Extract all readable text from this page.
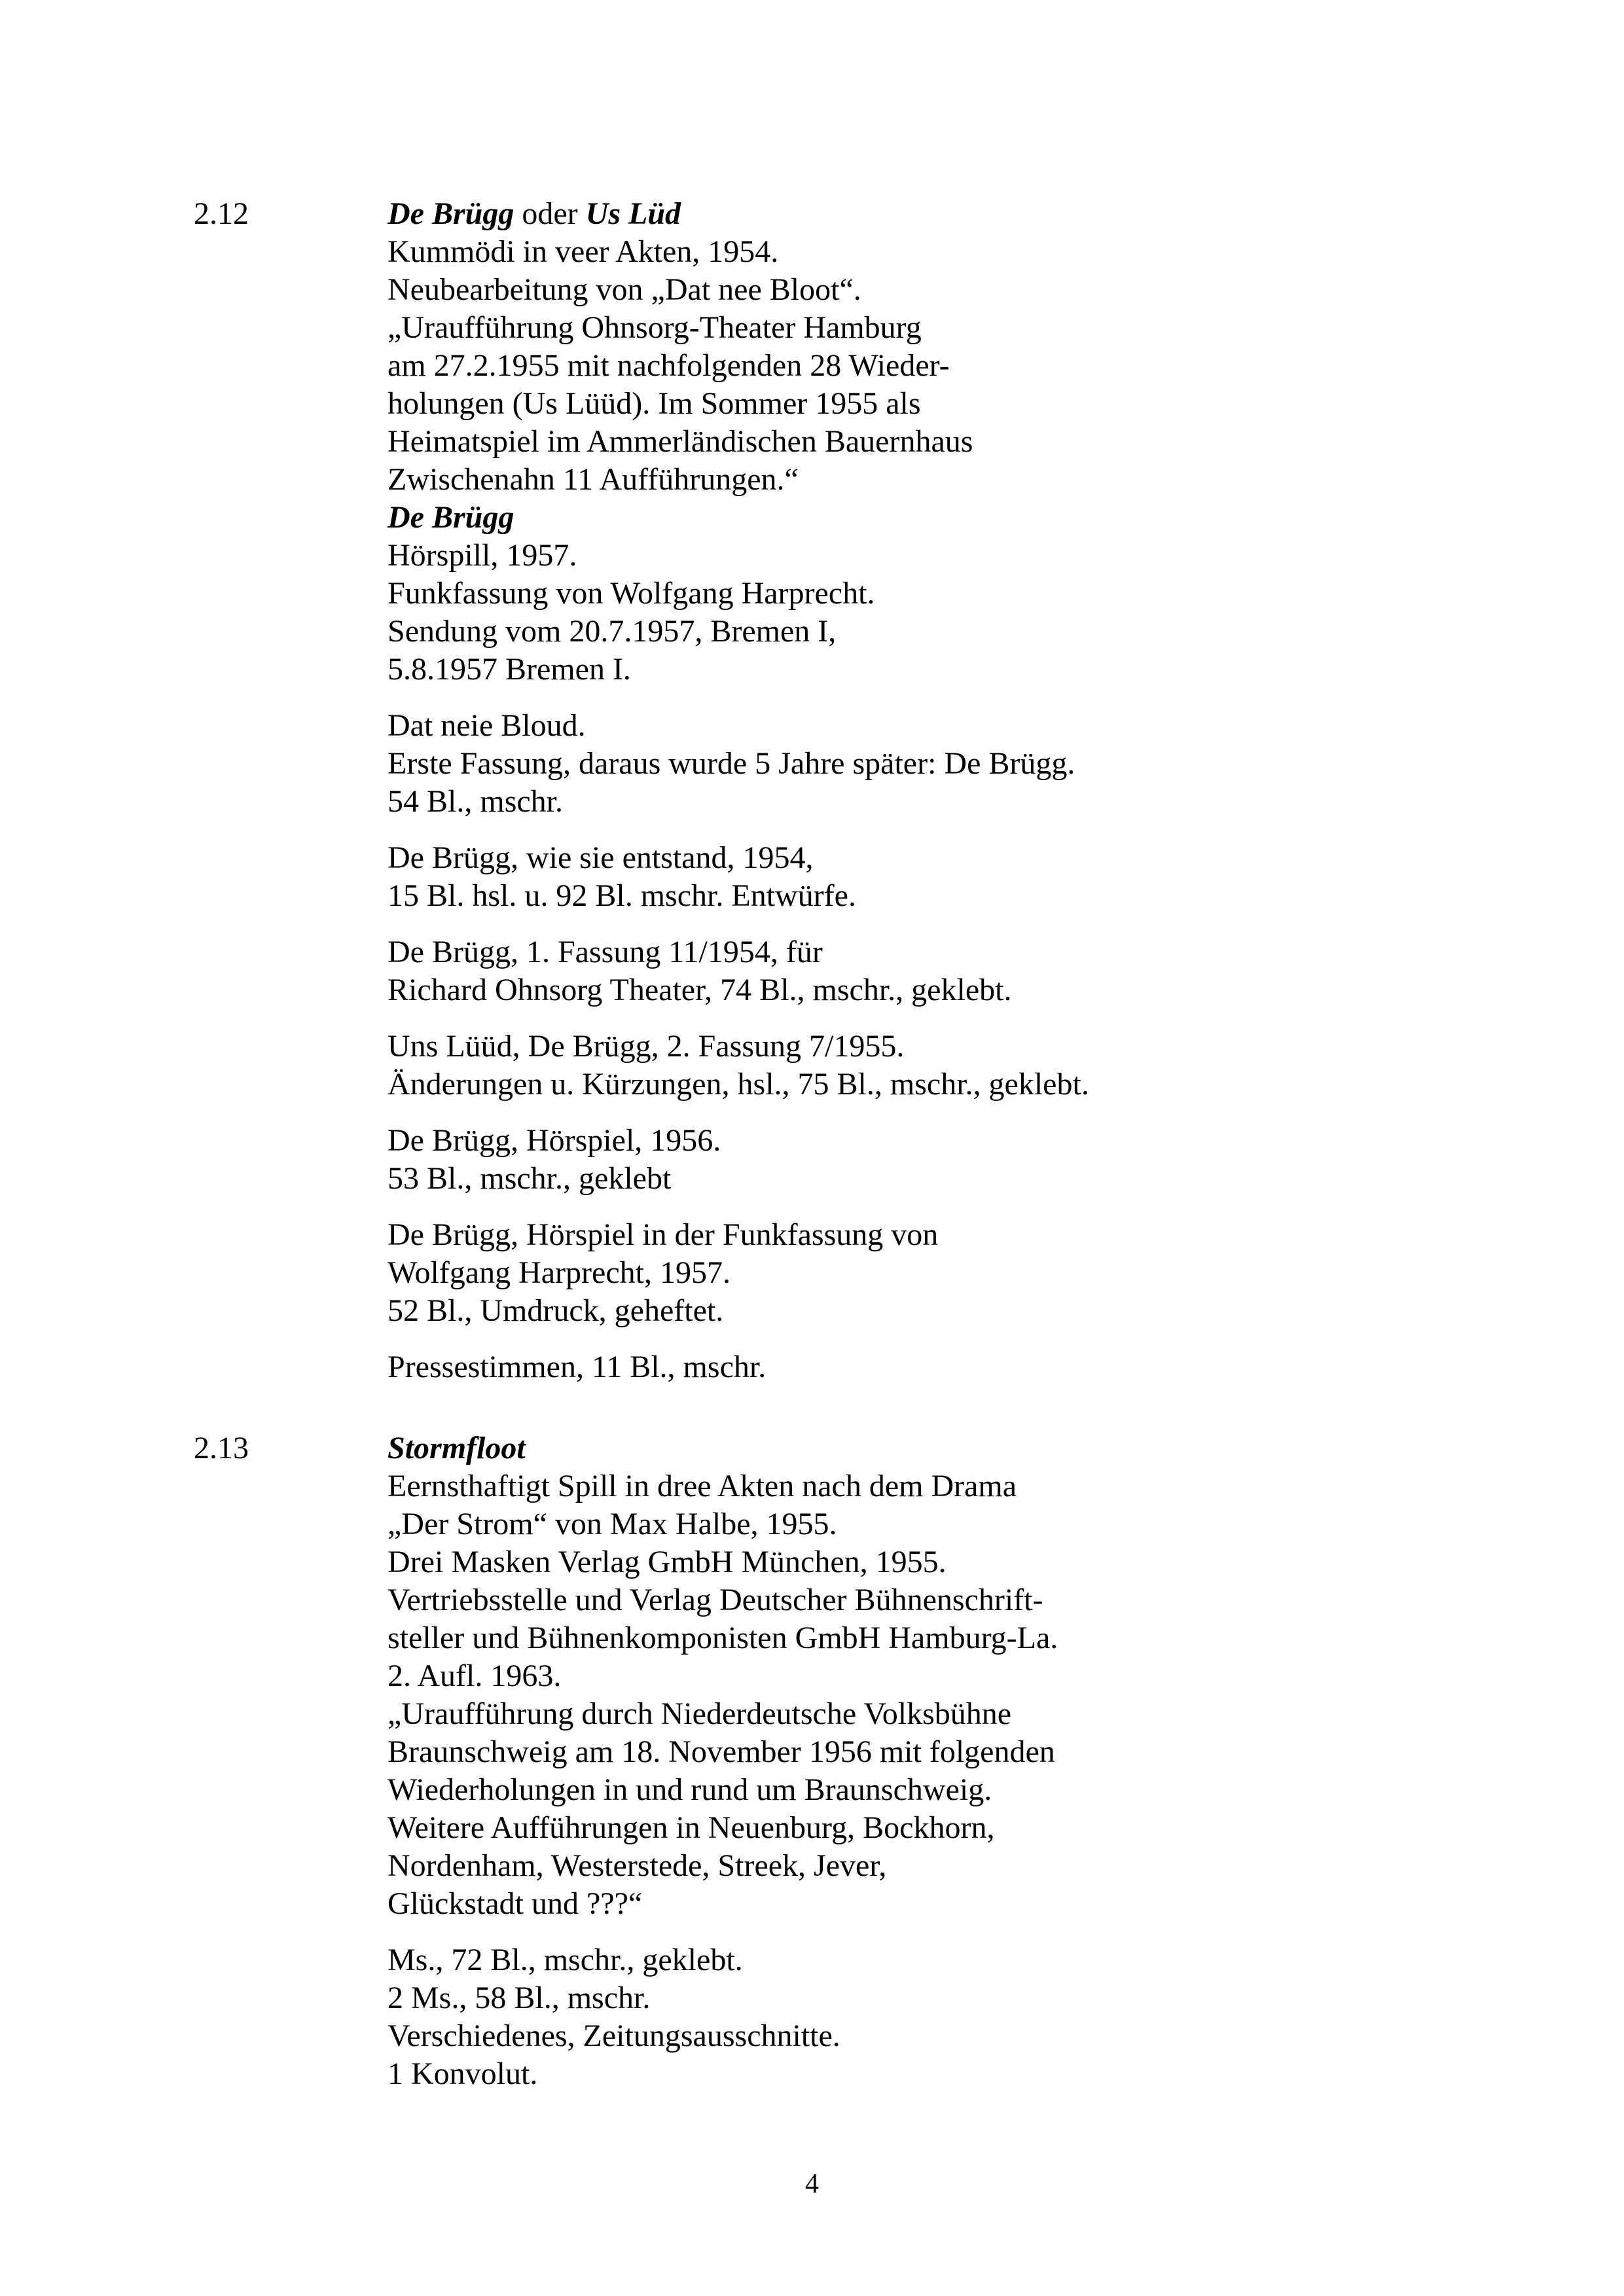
2.12	De Brügg oder Us Lüd
Kummödi in veer Akten, 1954.
Neubearbeitung von „Dat nee Bloot“.
„Uraufführung Ohnsorg-Theater Hamburg
am 27.2.1955 mit nachfolgenden 28 Wieder-
holungen (Us Lüüd). Im Sommer 1955 als
Heimatspiel im Ammerländischen Bauernhaus
Zwischenahn 11 Aufführungen.“
De Brügg
Hörspill, 1957.
Funkfassung von Wolfgang Harprecht.
Sendung vom 20.7.1957, Bremen I,
5.8.1957 Bremen I.
Dat neie Bloud.
Erste Fassung, daraus wurde 5 Jahre später: De Brügg.
54 Bl., mschr.
De Brügg, wie sie entstand, 1954,
15 Bl. hsl. u. 92 Bl. mschr. Entwürfe.
De Brügg, 1. Fassung 11/1954, für
Richard Ohnsorg Theater, 74 Bl., mschr., geklebt.
Uns Lüüd, De Brügg, 2. Fassung 7/1955.
Änderungen u. Kürzungen, hsl., 75 Bl., mschr., geklebt.
De Brügg, Hörspiel, 1956.
53 Bl., mschr., geklebt
De Brügg, Hörspiel in der Funkfassung von
Wolfgang Harprecht, 1957.
52 Bl., Umdruck, geheftet.
Pressestimmen, 11 Bl., mschr.
2.13	Stormfloot
Eernsthaftigt Spill in dree Akten nach dem Drama
„Der Strom“ von Max Halbe, 1955.
Drei Masken Verlag GmbH München, 1955.
Vertriebsstelle und Verlag Deutscher Bühnenschrift-
steller und Bühnenkomponisten GmbH Hamburg-La.
2. Aufl. 1963.
„Uraufführung durch Niederdeutsche Volksbühne
Braunschweig am 18. November 1956 mit folgenden
Wiederholungen in und rund um Braunschweig.
Weitere Aufführungen in Neuenburg, Bockhorn,
Nordenham, Westerstede, Streek, Jever,
Glückstadt und ???“
Ms., 72 Bl., mschr., geklebt.
2 Ms., 58 Bl., mschr.
Verschiedenes, Zeitungsausschnitte.
1 Konvolut.
4
